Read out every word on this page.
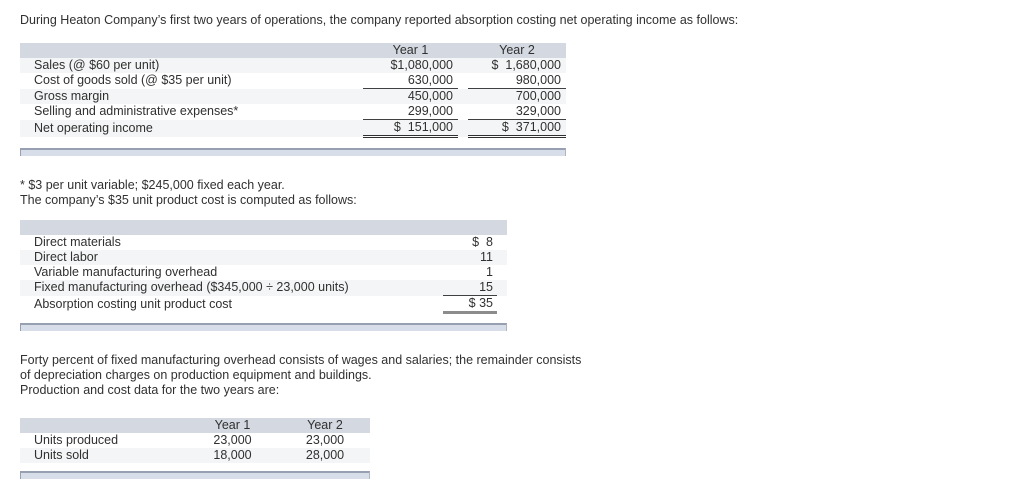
During Heaton Company’s first two years of operations, the company reported absorption costing net operating income as follows:
	Year 1		Year 2
Sales (@ $60 per unit)	$1,080,000		$  1,680,000
Cost of goods sold (@ $35 per unit)	630,000		980,000
Gross margin	450,000		700,000
Selling and administrative expenses*	299,000		329,000
Net operating income	$  151,000		$  371,000
* $3 per unit variable; $245,000 fixed each year.
The company’s $35 unit product cost is computed as follows:

Direct materials	$  8	
Direct labor	11	
Variable manufacturing overhead	1	
Fixed manufacturing overhead ($345,000 ÷ 23,000 units)	15	
Absorption costing unit product cost	$ 35	
Forty percent of fixed manufacturing overhead consists of wages and salaries; the remainder consists
of depreciation charges on production equipment and buildings.
Production and cost data for the two years are:
	Year 1	Year 2
Units produced	23,000	23,000
Units sold	18,000	28,000
